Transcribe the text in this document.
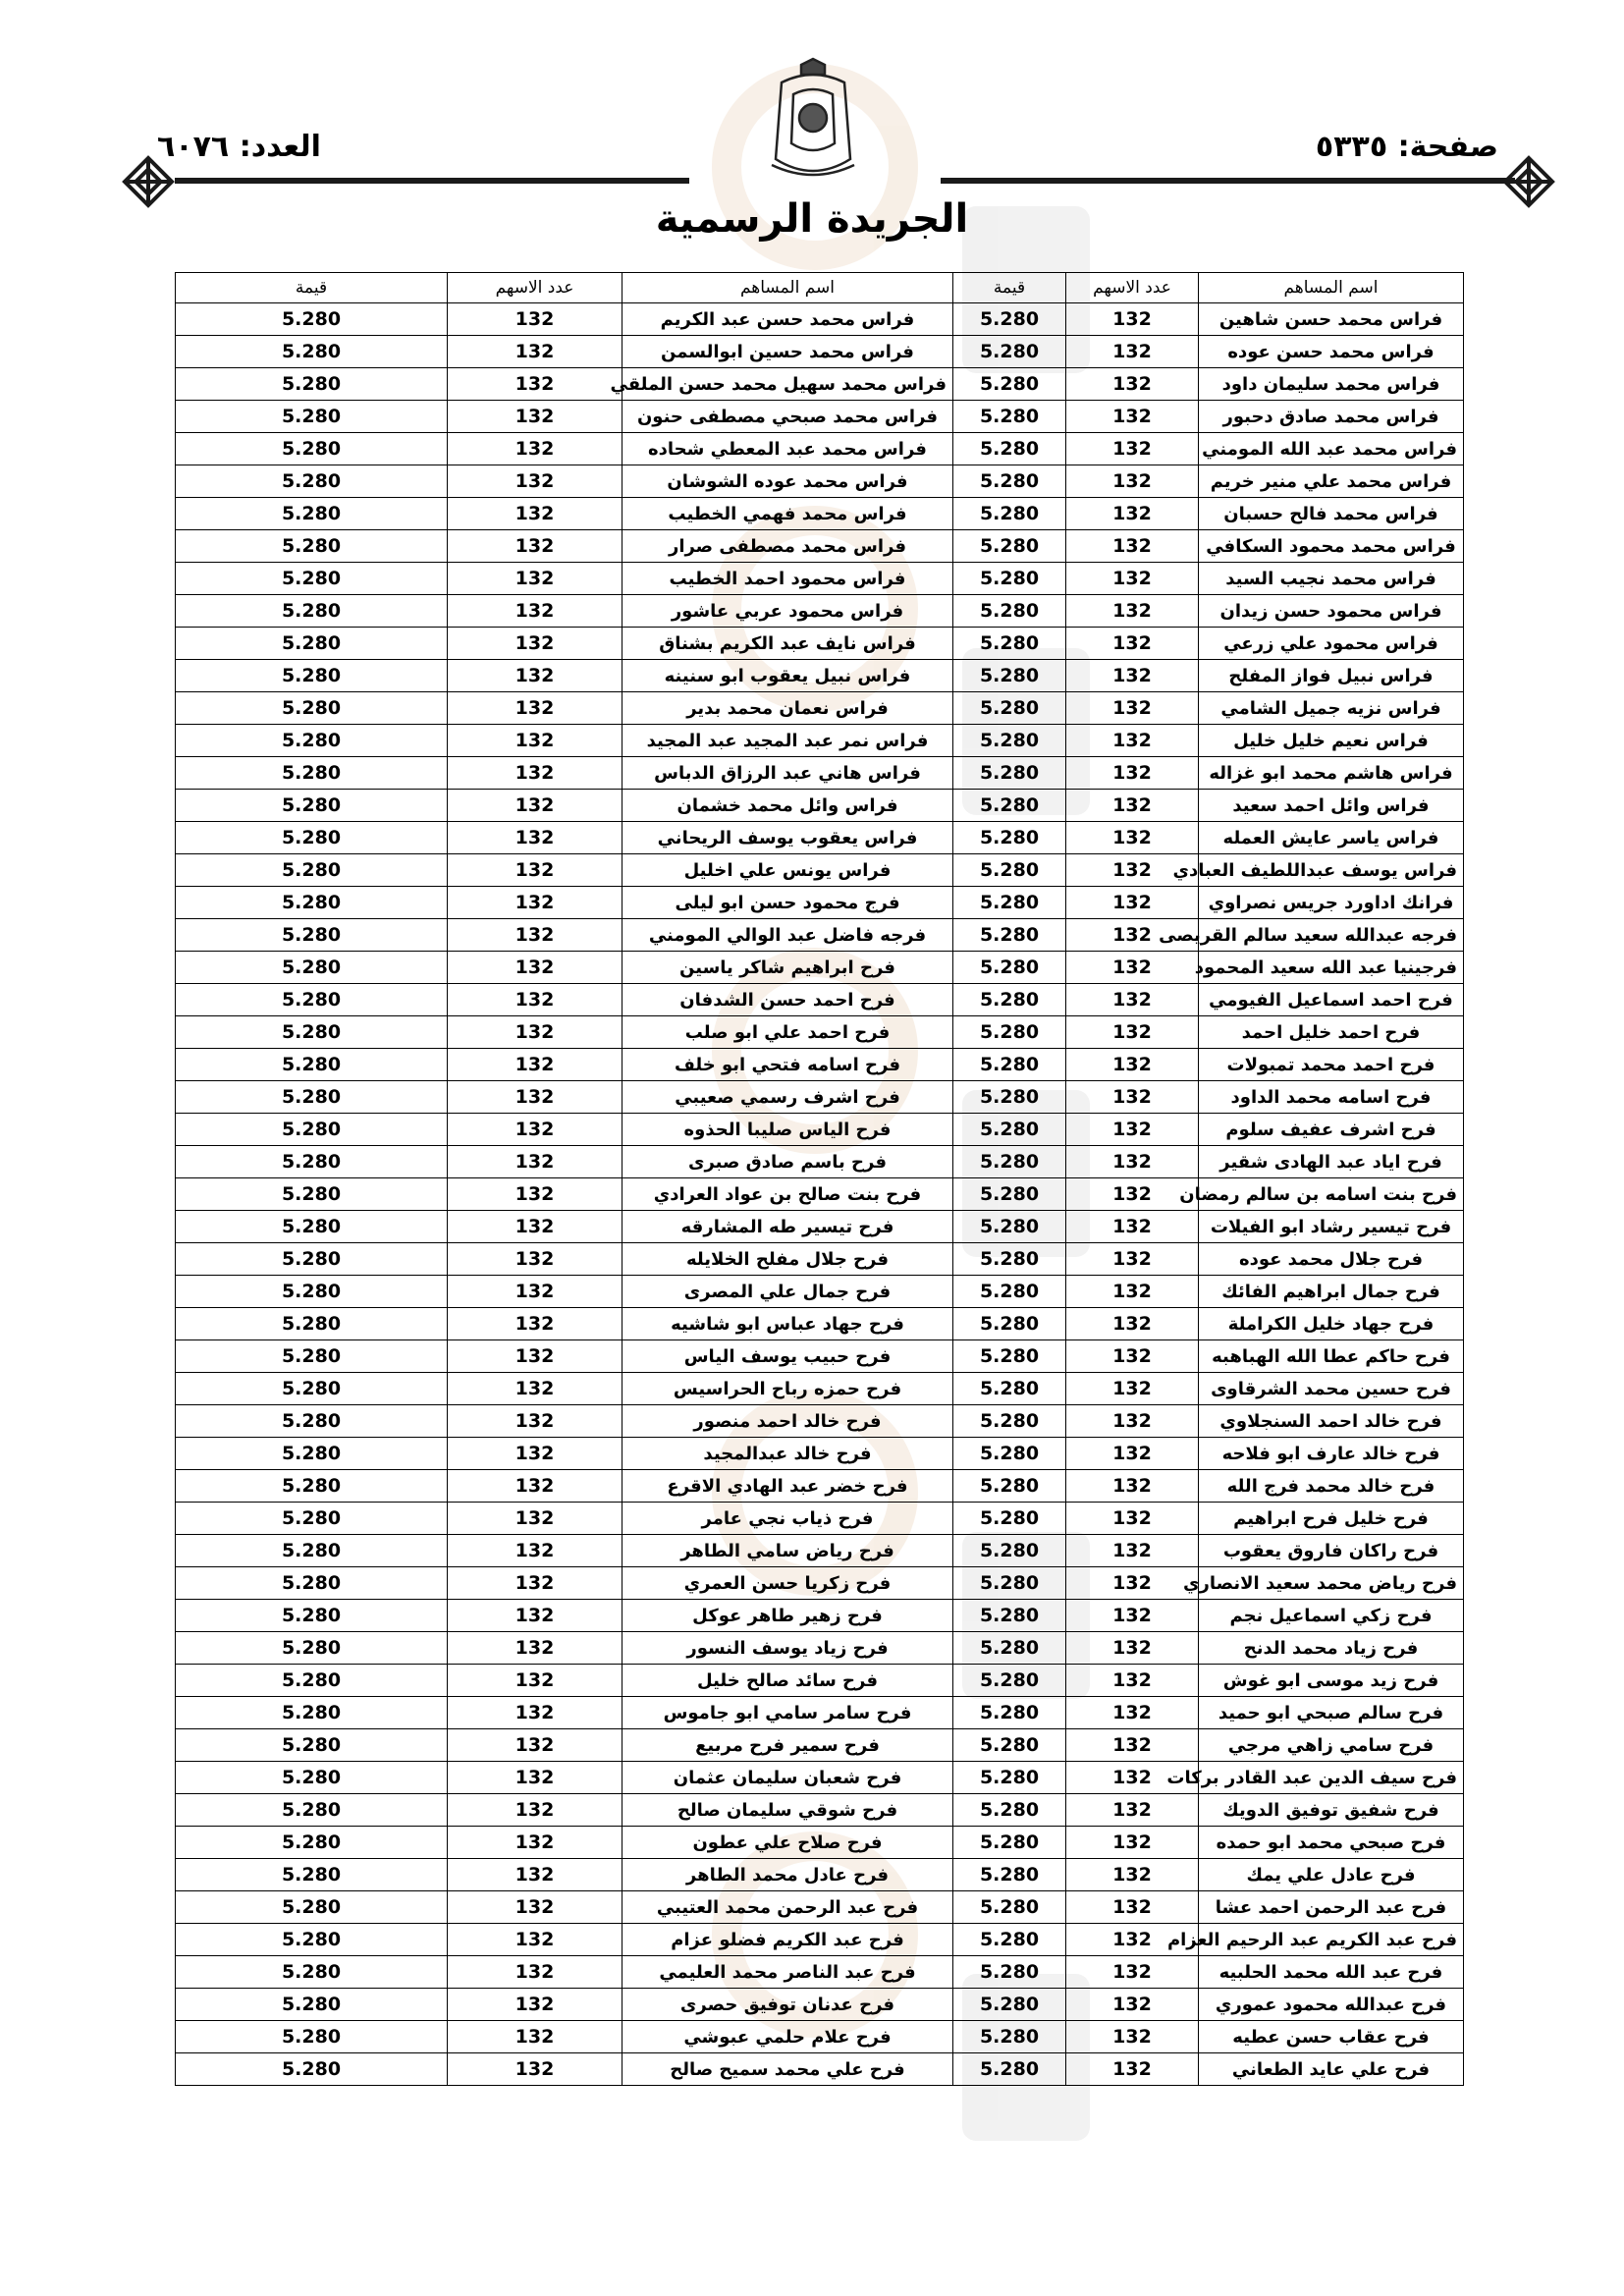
صفحة: ٥٣٣٥
العدد: ٦٠٧٦
الجريدة الرسمية
اسم المساهم	عدد الاسهم	قيمة	اسم المساهم	عدد الاسهم	قيمة
فراس محمد حسن شاهين	132	5.280	فراس محمد حسن عبد الكريم	132	5.280
فراس محمد حسن عوده	132	5.280	فراس محمد حسين ابوالسمن	132	5.280
فراس محمد سليمان داود	132	5.280	فراس محمد سهيل محمد حسن الملقي	132	5.280
فراس محمد صادق دحبور	132	5.280	فراس محمد صبحي مصطفى حنون	132	5.280
فراس محمد عبد الله المومني	132	5.280	فراس محمد عبد المعطي شحاده	132	5.280
فراس محمد علي منير خريم	132	5.280	فراس محمد عوده الشوشان	132	5.280
فراس محمد فالح حسبان	132	5.280	فراس محمد فهمي الخطيب	132	5.280
فراس محمد محمود السكافي	132	5.280	فراس محمد مصطفى صرار	132	5.280
فراس محمد نجيب السيد	132	5.280	فراس محمود احمد الخطيب	132	5.280
فراس محمود حسن زيدان	132	5.280	فراس محمود عربي عاشور	132	5.280
فراس محمود علي زرعي	132	5.280	فراس نايف عبد الكريم بشناق	132	5.280
فراس نبيل فواز المفلح	132	5.280	فراس نبيل يعقوب ابو سنينه	132	5.280
فراس نزيه جميل الشامي	132	5.280	فراس نعمان محمد بدير	132	5.280
فراس نعيم خليل خليل	132	5.280	فراس نمر عبد المجيد عبد المجيد	132	5.280
فراس هاشم محمد ابو غزاله	132	5.280	فراس هاني عبد الرزاق الدباس	132	5.280
فراس وائل احمد سعيد	132	5.280	فراس وائل محمد خشمان	132	5.280
فراس ياسر عايش العمله	132	5.280	فراس يعقوب يوسف الريحاني	132	5.280
فراس يوسف عبداللطيف العبادي	132	5.280	فراس يونس علي اخليل	132	5.280
فرانك اداورد جريس نصراوي	132	5.280	فرج محمود حسن ابو ليلى	132	5.280
فرجه عبدالله سعيد سالم القريصى	132	5.280	فرجه فاضل عبد الوالي المومني	132	5.280
فرجينيا عبد الله سعيد المحمود	132	5.280	فرح ابراهيم شاكر ياسين	132	5.280
فرح احمد اسماعيل الفيومي	132	5.280	فرح احمد حسن الشدفان	132	5.280
فرح احمد خليل احمد	132	5.280	فرح احمد علي ابو صلب	132	5.280
فرح احمد محمد تمبولات	132	5.280	فرح اسامه فتحي ابو خلف	132	5.280
فرح اسامه محمد الداود	132	5.280	فرح اشرف رسمي صعيبي	132	5.280
فرح اشرف عفيف سلوم	132	5.280	فرح الياس صليبا الحذوه	132	5.280
فرح اياد عبد الهادى شقير	132	5.280	فرح باسم صادق صبرى	132	5.280
فرح بنت اسامه بن سالم رمضان	132	5.280	فرح بنت صالح بن عواد العرادي	132	5.280
فرح تيسير رشاد ابو الفيلات	132	5.280	فرح تيسير طه المشارقه	132	5.280
فرح جلال محمد عوده	132	5.280	فرح جلال مفلح الخلايله	132	5.280
فرح جمال ابراهيم الفائك	132	5.280	فرح جمال علي المصرى	132	5.280
فرح جهاد خليل الكراملة	132	5.280	فرح جهاد عباس ابو شاشيه	132	5.280
فرح حاكم عطا الله الهباهبه	132	5.280	فرح حبيب يوسف الياس	132	5.280
فرح حسين محمد الشرقاوى	132	5.280	فرح حمزه رباح الحراسيس	132	5.280
فرح خالد احمد السنجلاوي	132	5.280	فرح خالد احمد منصور	132	5.280
فرح خالد عارف ابو فلاحه	132	5.280	فرح خالد عبدالمجيد	132	5.280
فرح خالد محمد فرج الله	132	5.280	فرح خضر عبد الهادي الاقرع	132	5.280
فرح خليل فرح ابراهيم	132	5.280	فرح ذياب نجي عامر	132	5.280
فرح راكان فاروق يعقوب	132	5.280	فرح رياض سامي الطاهر	132	5.280
فرح رياض محمد سعيد الانصاري	132	5.280	فرح زكريا حسن العمري	132	5.280
فرح زكي اسماعيل نجم	132	5.280	فرح زهير طاهر عوكل	132	5.280
فرح زياد محمد الدنح	132	5.280	فرح زياد يوسف النسور	132	5.280
فرح زيد موسى ابو غوش	132	5.280	فرح سائد صالح خليل	132	5.280
فرح سالم صبحي ابو حميد	132	5.280	فرح سامر سامي ابو جاموس	132	5.280
فرح سامي زاهي مرجي	132	5.280	فرح سمير فرح مربيع	132	5.280
فرح سيف الدين عبد القادر بركات	132	5.280	فرح شعبان سليمان عثمان	132	5.280
فرح شفيق توفيق الدويك	132	5.280	فرح شوقي سليمان صالح	132	5.280
فرح صبحي محمد ابو حمده	132	5.280	فرح صلاح علي عطون	132	5.280
فرح عادل علي يمك	132	5.280	فرح عادل محمد الطاهر	132	5.280
فرح عبد الرحمن احمد عشا	132	5.280	فرح عبد الرحمن محمد العتيبي	132	5.280
فرح عبد الكريم عبد الرحيم العزام	132	5.280	فرح عبد الكريم فضلو عزام	132	5.280
فرح عبد الله محمد الحلبيه	132	5.280	فرح عبد الناصر محمد العليمي	132	5.280
فرح عبدالله محمود عموري	132	5.280	فرح عدنان توفيق حصرى	132	5.280
فرح عقاب حسن عطيه	132	5.280	فرح علام حلمي عبوشي	132	5.280
فرح علي عايد الطعاني	132	5.280	فرح علي محمد سميح صالح	132	5.280
